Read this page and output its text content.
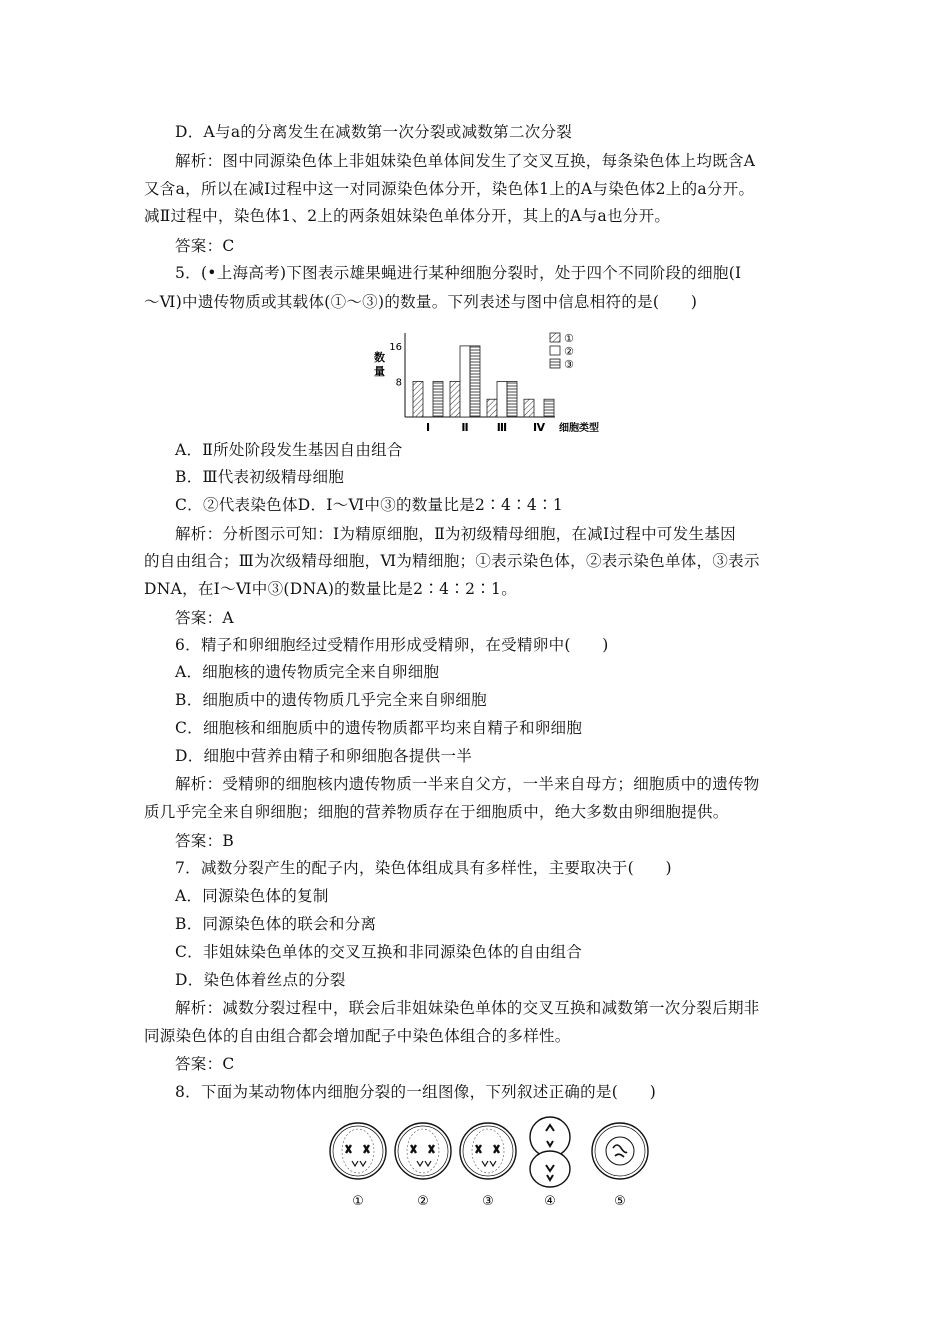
D．A与a的分离发生在减数第一次分裂或减数第二次分裂
解析：图中同源染色体上非姐妹染色单体间发生了交叉互换，每条染色体上均既含A
又含a，所以在减Ⅰ过程中这一对同源染色体分开，染色体1上的A与染色体2上的a分开。
减Ⅱ过程中，染色体1、2上的两条姐妹染色单体分开，其上的A与a也分开。
答案：C
5．(•上海高考)下图表示雄果蝇进行某种细胞分裂时，处于四个不同阶段的细胞(Ⅰ
～Ⅵ)中遗传物质或其载体(①～③)的数量。下列表述与图中信息相符的是(　　)
A．Ⅱ所处阶段发生基因自由组合
B．Ⅲ代表初级精母细胞
C．②代表染色体D．Ⅰ～Ⅵ中③的数量比是2∶4∶4∶1
解析：分析图示可知：Ⅰ为精原细胞，Ⅱ为初级精母细胞，在减Ⅰ过程中可发生基因
的自由组合；Ⅲ为次级精母细胞，Ⅵ为精细胞；①表示染色体，②表示染色单体，③表示
DNA，在Ⅰ～Ⅵ中③(DNA)的数量比是2∶4∶2∶1。
答案：A
6．精子和卵细胞经过受精作用形成受精卵，在受精卵中(　　)
A．细胞核的遗传物质完全来自卵细胞
B．细胞质中的遗传物质几乎完全来自卵细胞
C．细胞核和细胞质中的遗传物质都平均来自精子和卵细胞
D．细胞中营养由精子和卵细胞各提供一半
解析：受精卵的细胞核内遗传物质一半来自父方，一半来自母方；细胞质中的遗传物
质几乎完全来自卵细胞；细胞的营养物质存在于细胞质中，绝大多数由卵细胞提供。
答案：B
7．减数分裂产生的配子内，染色体组成具有多样性，主要取决于(　　)
A．同源染色体的复制
B．同源染色体的联会和分离
C．非姐妹染色单体的交叉互换和非同源染色体的自由组合
D．染色体着丝点的分裂
解析：减数分裂过程中，联会后非姐妹染色单体的交叉互换和减数第一次分裂后期非
同源染色体的自由组合都会增加配子中染色体组合的多样性。
答案：C
8．下面为某动物体内细胞分裂的一组图像，下列叙述正确的是(　　)
16
8
数
量
Ⅰ	Ⅱ	Ⅲ Ⅳ 细胞类型
①
②
③
①	②	③	④	⑤
